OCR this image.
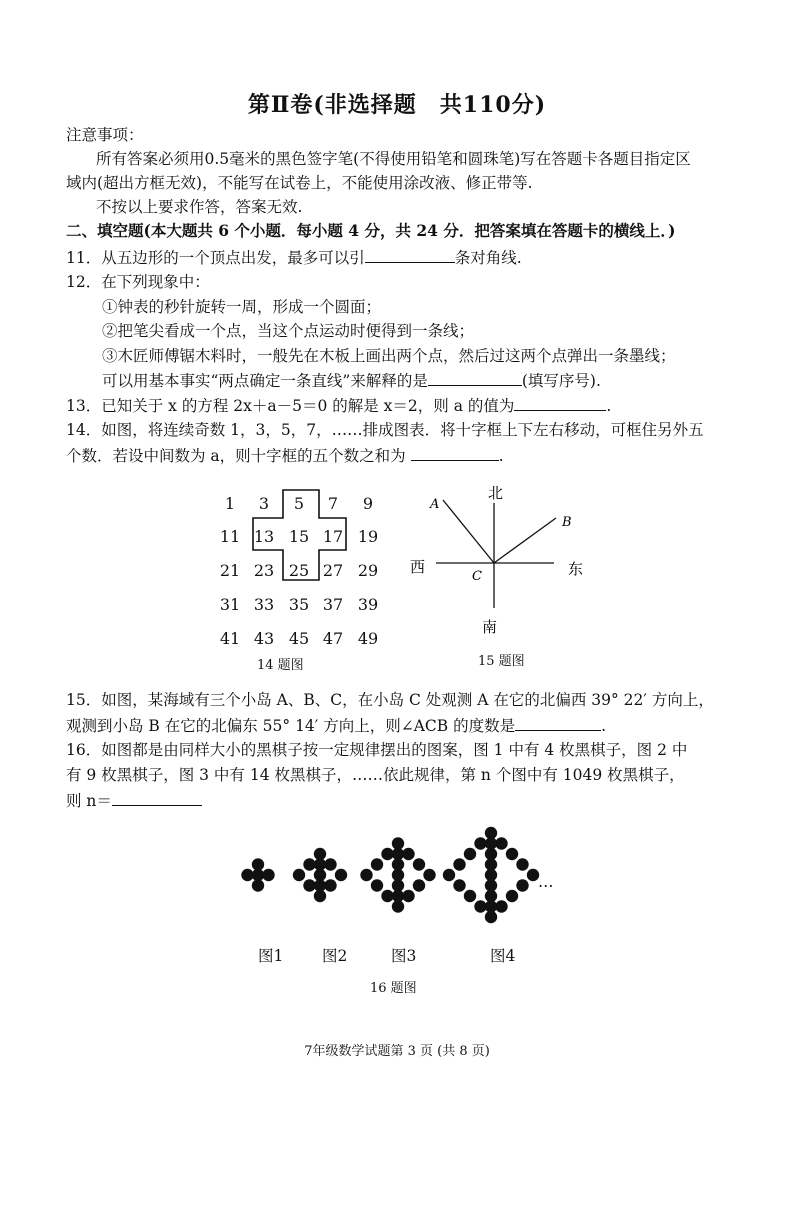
第Ⅱ卷(非选择题　共110分)
注意事项：
所有答案必须用0.5毫米的黑色签字笔(不得使用铅笔和圆珠笔)写在答题卡各题目指定区
域内(超出方框无效)，不能写在试卷上，不能使用涂改液、修正带等.
不按以上要求作答，答案无效.
二、填空题(本大题共 6 个小题．每小题 4 分，共 24 分．把答案填在答题卡的横线上．)
11．从五边形的一个顶点出发，最多可以引	条对角线.
12．在下列现象中：
①钟表的秒针旋转一周，形成一个圆面；
②把笔尖看成一个点，当这个点运动时便得到一条线；
③木匠师傅锯木料时，一般先在木板上画出两个点，然后过这两个点弹出一条墨线；
可以用基本事实“两点确定一条直线”来解释的是	(填写序号).
13．已知关于 x 的方程 2x＋a－5＝0 的解是 x＝2，则 a 的值为	.
14．如图，将连续奇数 1，3，5，7，……排成图表．将十字框上下左右移动，可框住另外五
个数．若设中间数为 a，则十字框的五个数之和为	.
1	3	5	7	9
11 13 15 17 19
21 23 25 27 29
31 33 35 37 39
41 43 45 47 49
14 题图
北
南
西	东
A
B
C
15 题图
15．如图，某海域有三个小岛 A、B、C，在小岛 C 处观测 A 在它的北偏西 39° 22′ 方向上，
观测到小岛 B 在它的北偏东 55° 14′ 方向上，则∠ACB 的度数是	.
16．如图都是由同样大小的黑棋子按一定规律摆出的图案，图 1 中有 4 枚黑棋子，图 2 中
有 9 枚黑棋子，图 3 中有 14 枚黑棋子，……依此规律，第 n 个图中有 1049 枚黑棋子，
则 n＝
图1 图2	图3	图4
…
16 题图
7年级数学试题第 3 页 (共 8 页)
